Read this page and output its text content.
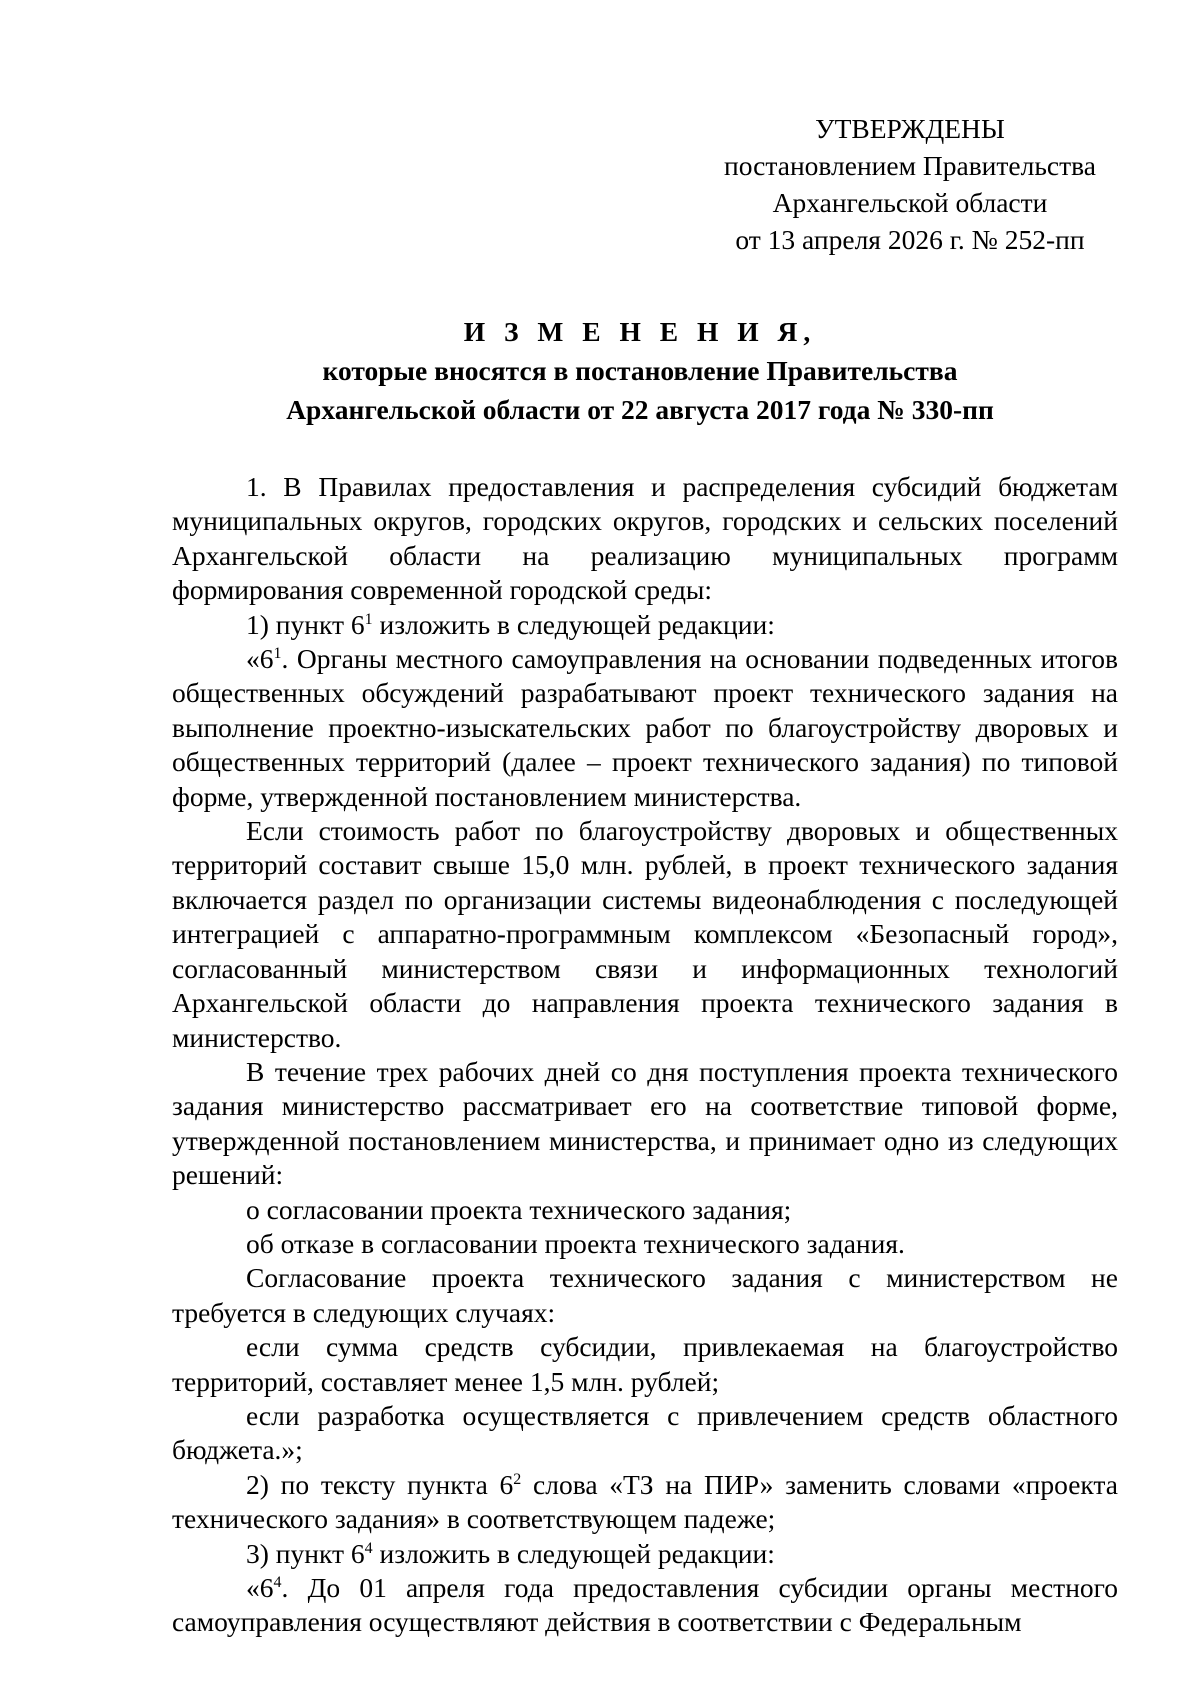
УТВЕРЖДЕНЫ
постановлением Правительства
Архангельской области
от 13 апреля 2026 г. № 252-пп
И З М Е Н Е Н И Я,
которые вносятся в постановление Правительства
Архангельской области от 22 августа 2017 года № 330-пп

1. В Правилах предоставления и распределения субсидий бюджетам муниципальных округов, городских округов, городских и сельских поселений Архангельской области на реализацию муниципальных программ формирования современной городской среды:

1) пункт $6^1$ изложить в следующей редакции:

«$6^1$. Органы местного самоуправления на основании подведенных итогов общественных обсуждений разрабатывают проект технического задания на выполнение проектно-изыскательских работ по благоустройству дворовых и общественных территорий (далее – проект технического задания) по типовой форме, утвержденной постановлением министерства.

Если стоимость работ по благоустройству дворовых и общественных территорий составит свыше 15,0 млн. рублей, в проект технического задания включается раздел по организации системы видеонаблюдения с последующей интеграцией с аппаратно-программным комплексом «Безопасный город», согласованный министерством связи и информационных технологий Архангельской области до направления проекта технического задания в министерство.

В течение трех рабочих дней со дня поступления проекта технического задания министерство рассматривает его на соответствие типовой форме, утвержденной постановлением министерства, и принимает одно из следующих решений:

о согласовании проекта технического задания;

об отказе в согласовании проекта технического задания.

Согласование проекта технического задания с министерством не требуется в следующих случаях:

если сумма средств субсидии, привлекаемая на благоустройство территорий, составляет менее 1,5 млн. рублей;

если разработка осуществляется с привлечением средств областного бюджета.»;

2) по тексту пункта $6^2$ слова «ТЗ на ПИР» заменить словами «проекта технического задания» в соответствующем падеже;

3) пункт $6^4$ изложить в следующей редакции:

«$6^4$. До 01 апреля года предоставления субсидии органы местного самоуправления осуществляют действия в соответствии с Федеральным
